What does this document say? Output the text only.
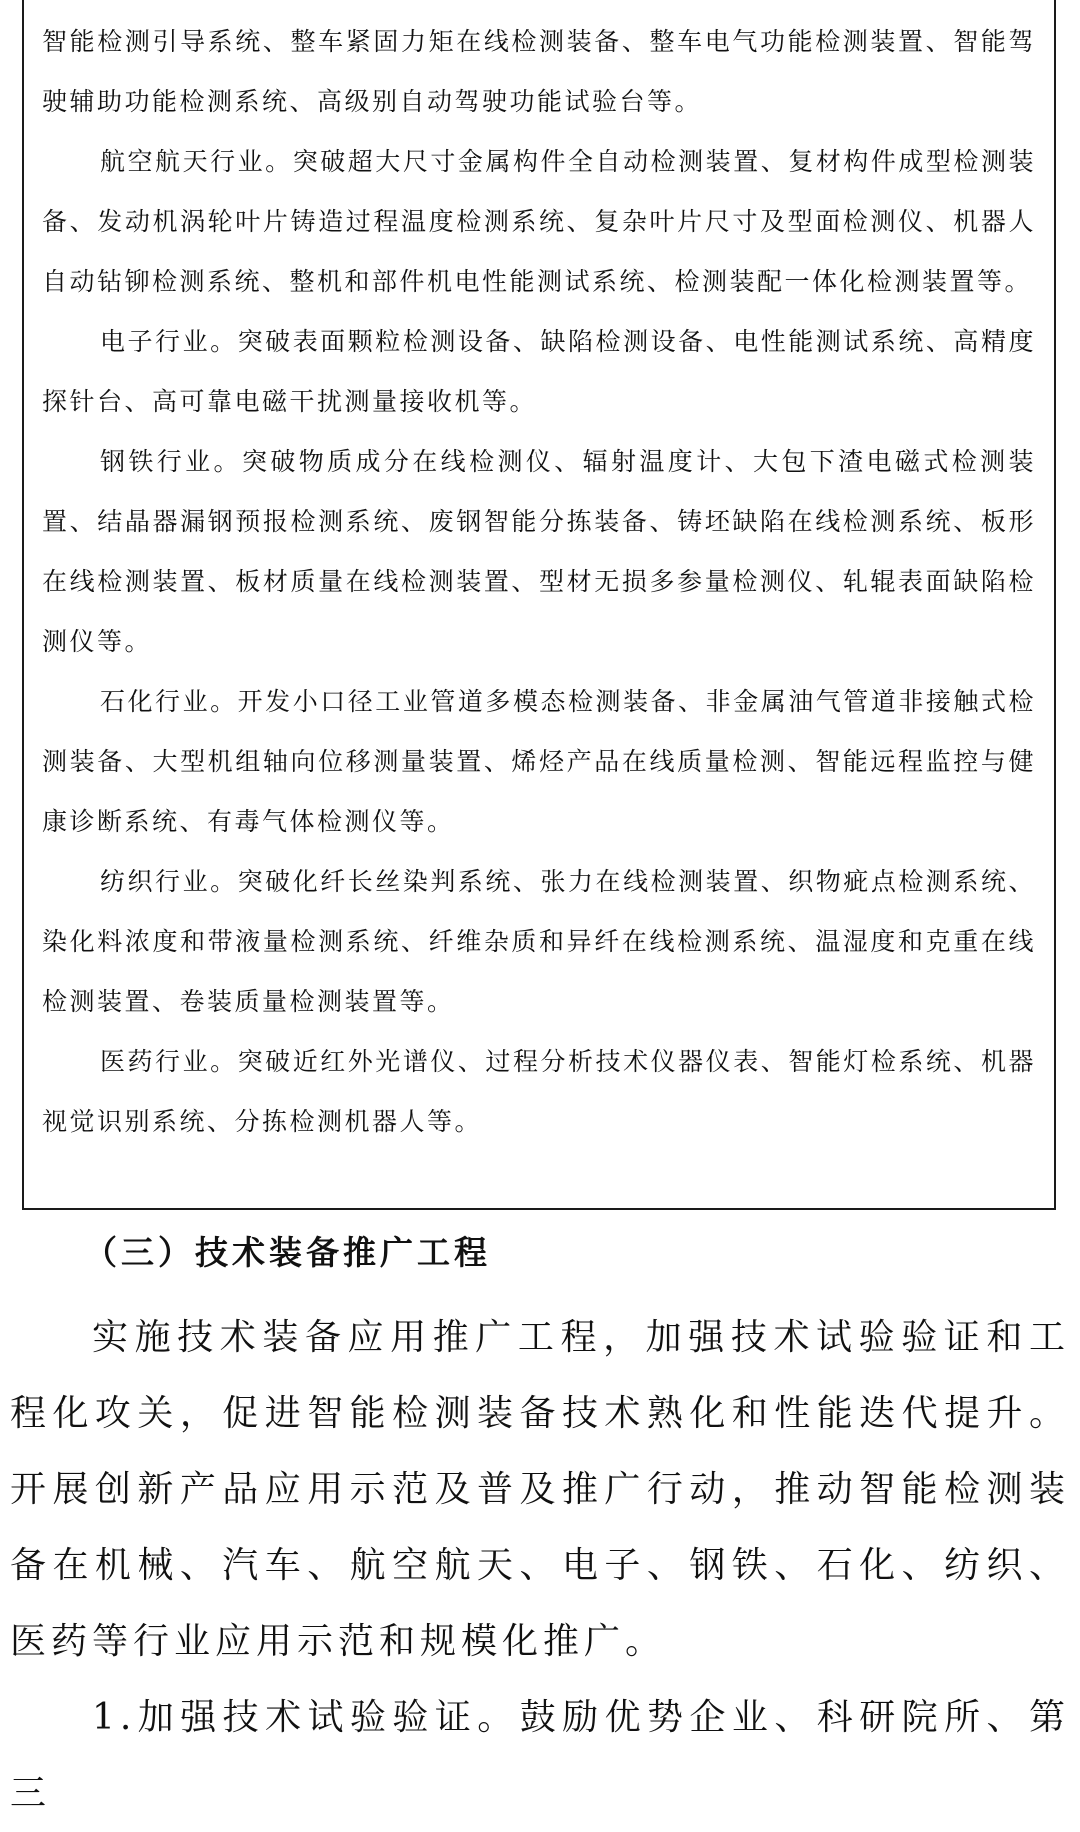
智能检测引导系统、整车紧固力矩在线检测装备、整车电气功能检测装置、智能驾驶辅助功能检测系统、高级别自动驾驶功能试验台等。

航空航天行业。突破超大尺寸金属构件全自动检测装置、复材构件成型检测装备、发动机涡轮叶片铸造过程温度检测系统、复杂叶片尺寸及型面检测仪、机器人自动钻铆检测系统、整机和部件机电性能测试系统、检测装配一体化检测装置等。

电子行业。突破表面颗粒检测设备、缺陷检测设备、电性能测试系统、高精度探针台、高可靠电磁干扰测量接收机等。

钢铁行业。突破物质成分在线检测仪、辐射温度计、大包下渣电磁式检测装置、结晶器漏钢预报检测系统、废钢智能分拣装备、铸坯缺陷在线检测系统、板形在线检测装置、板材质量在线检测装置、型材无损多参量检测仪、轧辊表面缺陷检测仪等。

石化行业。开发小口径工业管道多模态检测装备、非金属油气管道非接触式检测装备、大型机组轴向位移测量装置、烯烃产品在线质量检测、智能远程监控与健康诊断系统、有毒气体检测仪等。

纺织行业。突破化纤长丝染判系统、张力在线检测装置、织物疵点检测系统、染化料浓度和带液量检测系统、纤维杂质和异纤在线检测系统、温湿度和克重在线检测装置、卷装质量检测装置等。

医药行业。突破近红外光谱仪、过程分析技术仪器仪表、智能灯检系统、机器视觉识别系统、分拣检测机器人等。

（三）技术装备推广工程

实施技术装备应用推广工程，加强技术试验验证和工程化攻关，促进智能检测装备技术熟化和性能迭代提升。开展创新产品应用示范及普及推广行动，推动智能检测装备在机械、汽车、航空航天、电子、钢铁、石化、纺织、医药等行业应用示范和规模化推广。

1.加强技术试验验证。鼓励优势企业、科研院所、第三
